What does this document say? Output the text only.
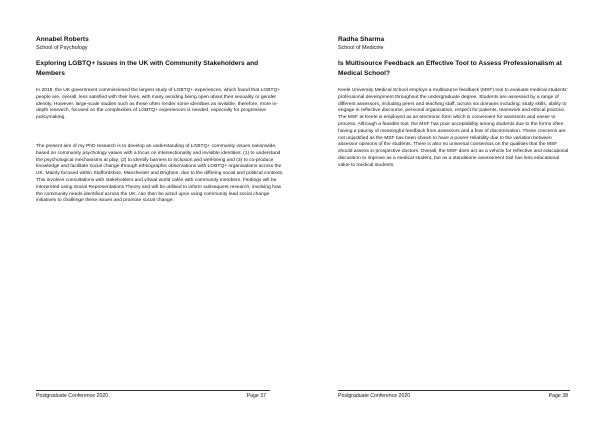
Annabel Roberts
School of Psychology
Exploring LGBTQ+ Issues in the UK with Community Stakeholders and Members

In 2018, the UK government commissioned the largest study of LGBTQ+ experiences, which found that LGBTQ+ people are, overall, less satisfied with their lives, with many avoiding being open about their sexuality or gender identity. However, large-scale studies such as these often render some identities as invisible, therefore, more in-depth research, focused on the complexities of LGBTQ+ experiences is needed, especially for progressive policymaking.

The present aim of my PhD research is to develop an understanding of LGBTQ+ community issues nationwide, based on community psychology values with a focus on intersectionality and invisible identities; (1) to understand the psychological mechanisms at play, (2) to identify barriers to inclusion and well-being and (3) to co-produce knowledge and facilitate social change through ethnographic observations with LGBTQ+ organisations across the UK. Mainly focused within Staffordshire, Manchester and Brighton, due to the differing social and political contexts. This involves consultations with stakeholders and virtual world cafés with community members. Findings will be interpreted using Social Representations Theory and will be utilised to inform subsequent research, involving how the community needs identified across the UK, can then be acted upon using community lead social change initiatives to challenge these issues and promote social change.

Postgraduate Conference 2020	Page 37
Radha Sharma
School of Medicine
Is Multisource Feedback an Effective Tool to Assess Professionalism at Medical School?

Keele University Medical School employs a multisource feedback (MSF) tool to evaluate medical students' professional development throughout the undergraduate degree. Students are assessed by a range of different assessors, including peers and teaching staff, across six domains including; study skills, ability to engage in reflective discourse, personal organisation, respect for patients, teamwork and ethical practice. The MSF at Keele is employed as an electronic form which is convenient for assessors and easier to process. Although a feasible tool, the MSF has poor acceptability among students due to the forms often having a paucity of meaningful feedback from assessors and a fear of discrimination. These concerns are not unjustified as the MSF has been shown to have a poorer reliability due to the variation between assessor opinions of the students. There is also no universal consensus on the qualities that the MSF should assess in prospective doctors. Overall, the MSF does act as a vehicle for reflective and educational discussion to improve as a medical student, but as a standalone assessment tool has less educational value to medical students.

Postgraduate Conference 2020	Page 38
